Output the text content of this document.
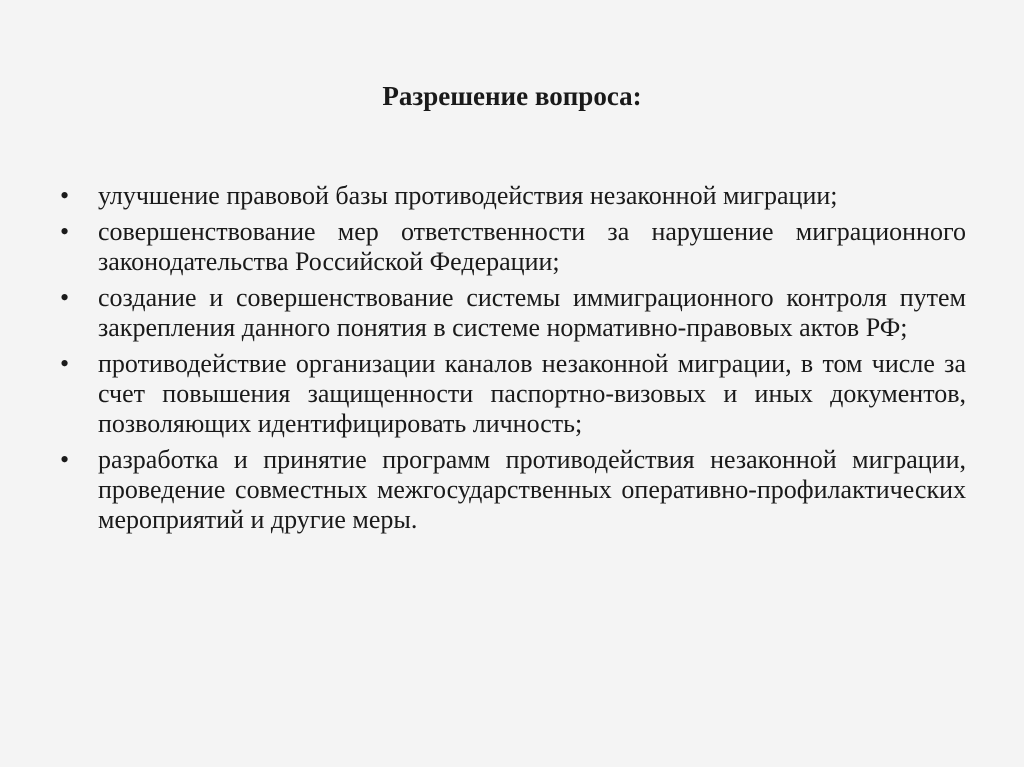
Разрешение вопроса:
• улучшение правовой базы противодействия незаконной миграции;
• совершенствование мер ответственности за нарушение миграционного законодательства Российской Федерации;
• создание и совершенствование системы иммиграционного контроля путем закрепления данного понятия в системе нормативно-правовых актов РФ;
• противодействие организации каналов незаконной миграции, в том числе за счет повышения защищенности паспортно-визовых и иных документов, позволяющих идентифицировать личность;
• разработка и принятие программ противодействия незаконной миграции, проведение совместных межгосударственных оперативно-профилактических мероприятий и другие меры.
